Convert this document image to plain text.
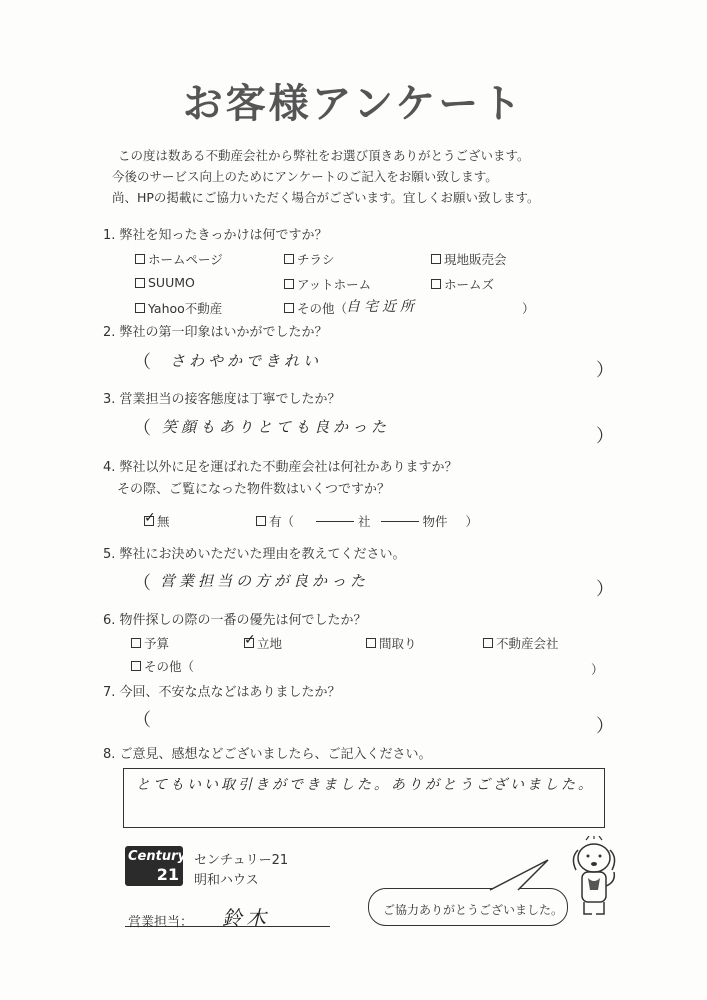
お客様アンケート
この度は数ある不動産会社から弊社をお選び頂きありがとうございます。
今後のサービス向上のためにアンケートのご記入をお願い致します。
尚、HPの掲載にご協力いただく場合がございます。宜しくお願い致します。
1. 弊社を知ったきっかけは何ですか？
ホームページ	チラシ	現地販売会
SUUMO	アットホーム	ホームズ
Yahoo不動産	その他（
自宅近所	）
2. 弊社の第一印象はいかがでしたか？
（ さわやかできれい	）
3. 営業担当の接客態度は丁寧でしたか？
（ 笑顔もありとても良かった	）
4. 弊社以外に足を運ばれた不動産会社は何社かありますか？
その際、ご覧になった物件数はいくつですか？
✓
無	有（	社	物件 ）
5. 弊社にお決めいただいた理由を教えてください。
（ 営業担当の方が良かった	）
6. 物件探しの際の一番の優先は何でしたか？
予算
✓	立地	間取り	不動産会社
その他（	）
7. 今回、不安な点などはありましたか？
（	）
8. ご意見、感想などございましたら、ご記入ください。
とてもいい取引きができました。ありがとうございました。
Century
21
センチュリー21
明和ハウス
営業担当： 鈴木	ご協力ありがとうございました。
